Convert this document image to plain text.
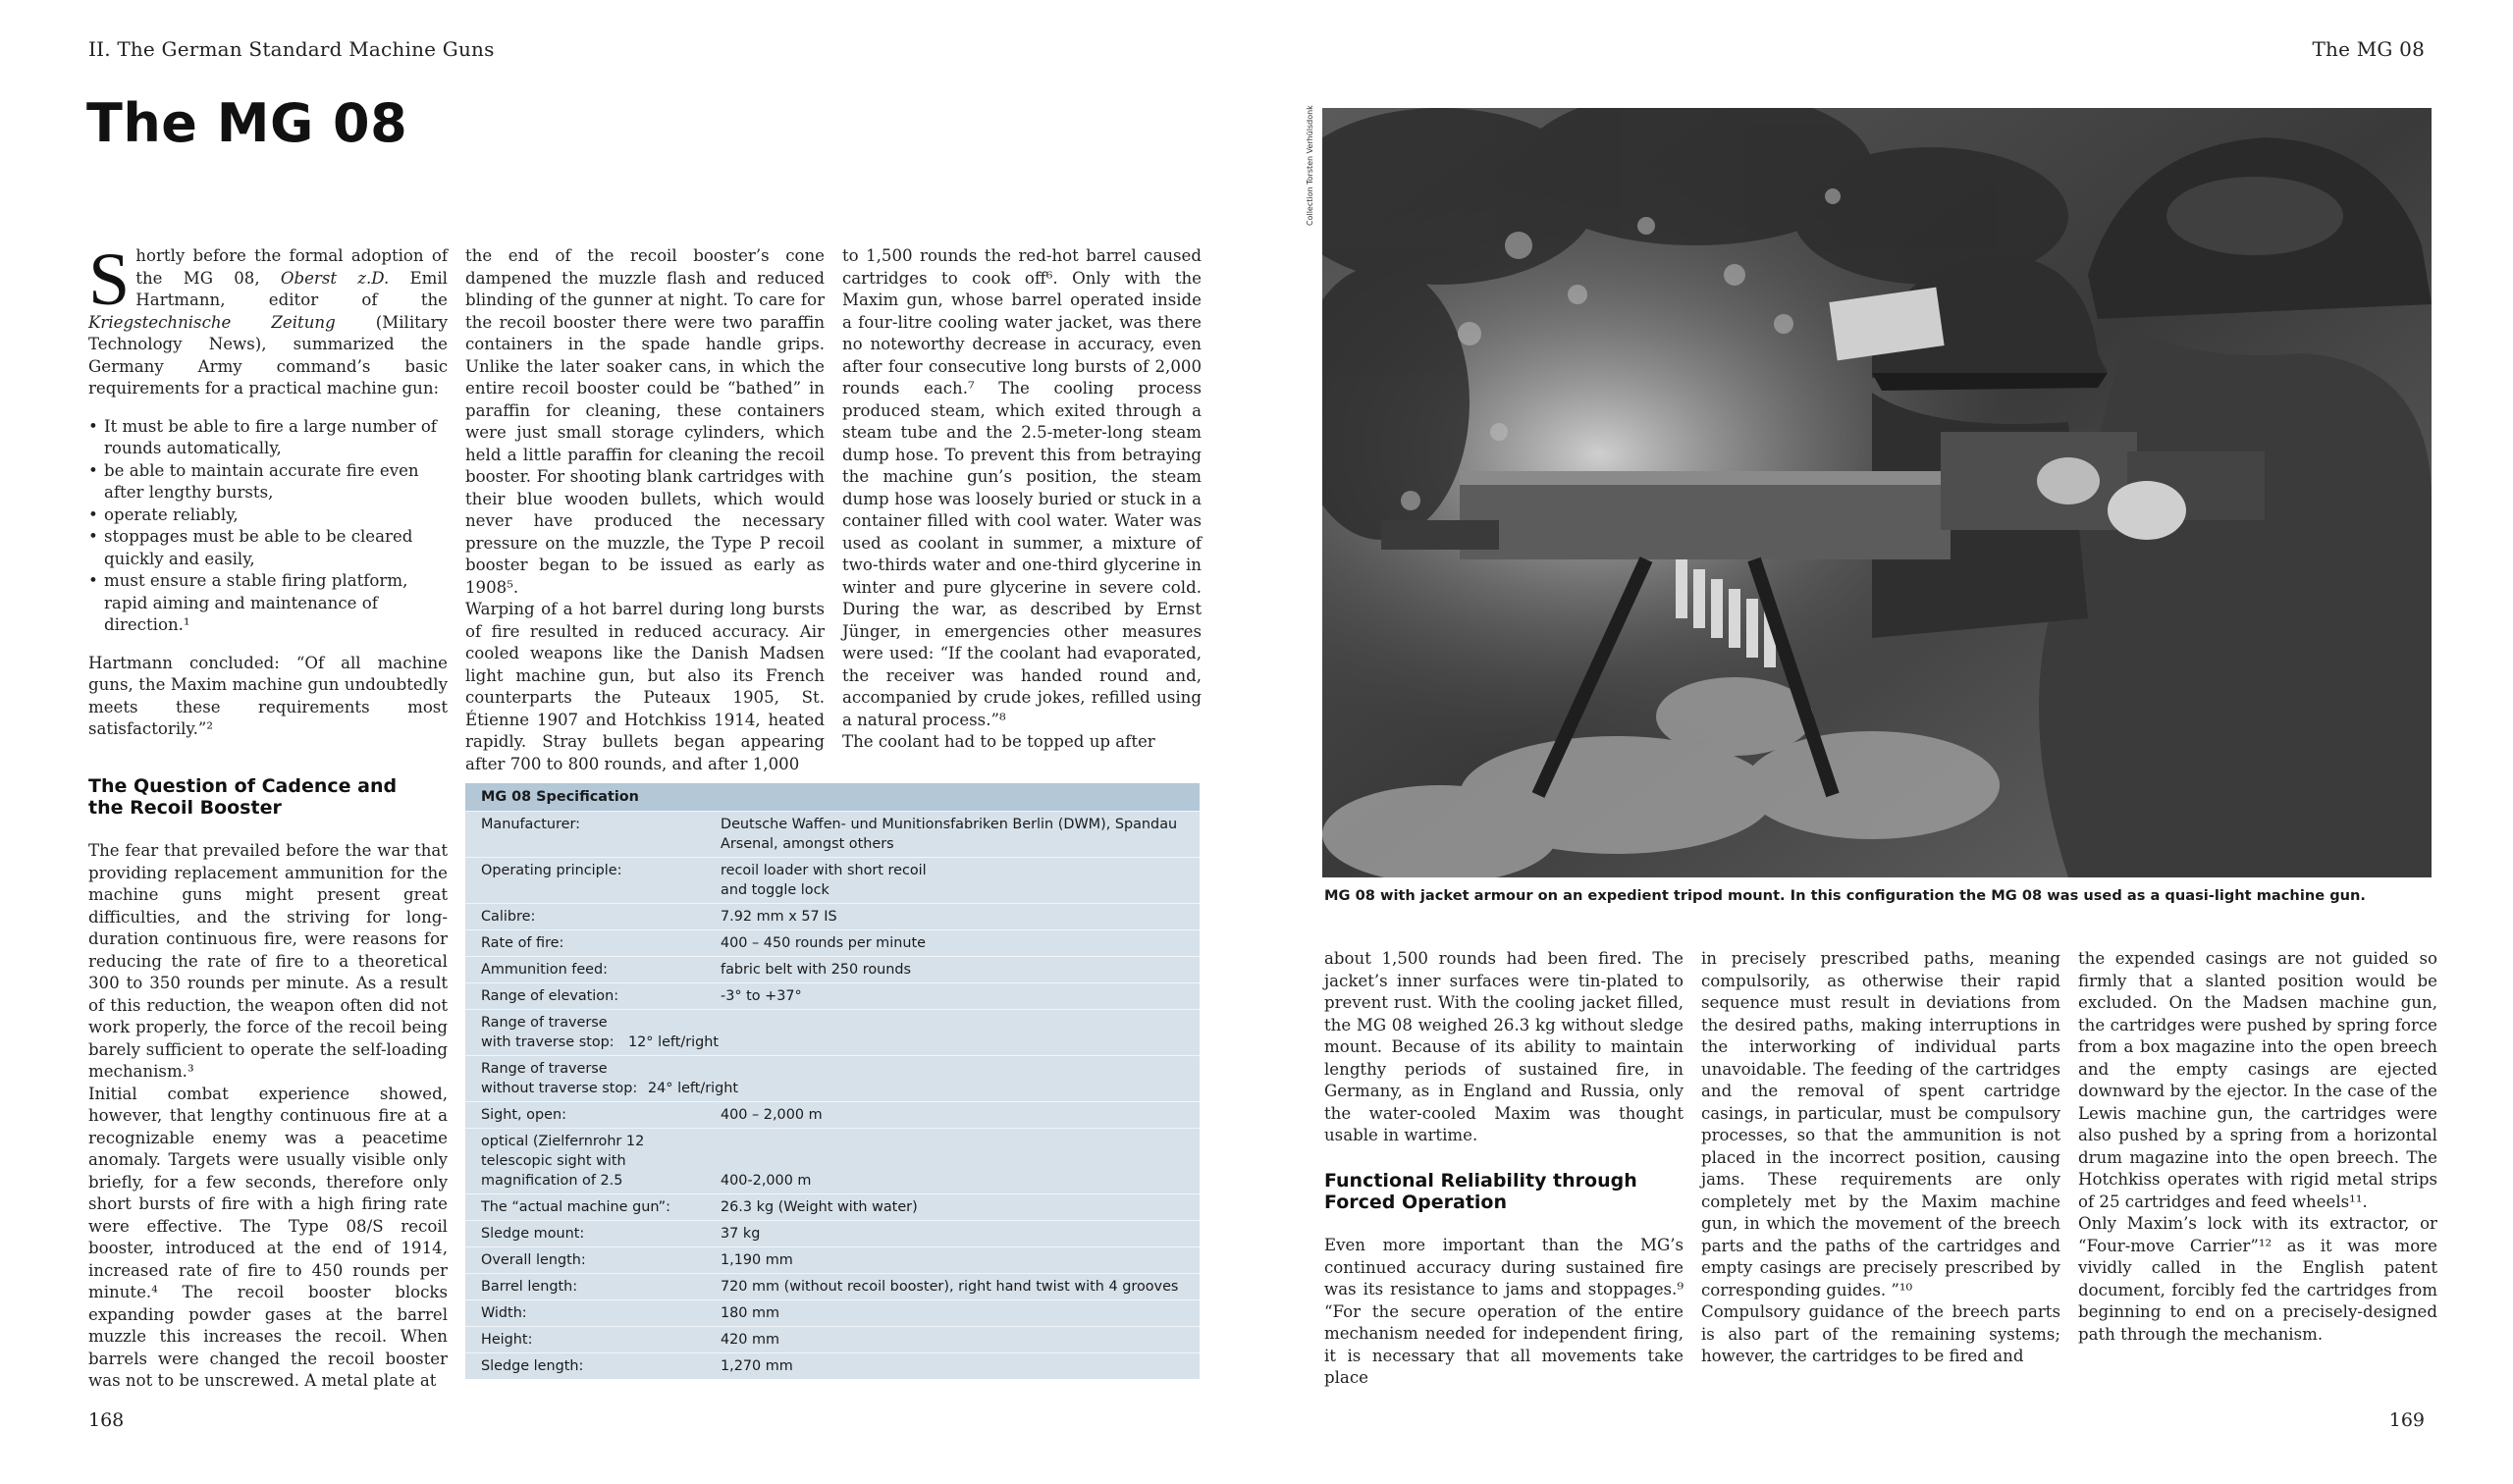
II. The German Standard Machine Guns	The MG 08
The MG 08

Shortly before the formal adoption of the MG 08, Oberst z.D. Emil Hartmann, editor of the Kriegstechnische Zeitung (Military Technology News), summarized the Germany Army command’s basic requirements for a practical machine gun:

• It must be able to fire a large number of rounds automatically,
• be able to maintain accurate fire even after lengthy bursts,
• operate reliably,
• stoppages must be able to be cleared quickly and easily,
• must ensure a stable firing platform, rapid aiming and maintenance of direction.¹

Hartmann concluded: “Of all machine guns, the Maxim machine gun undoubtedly meets these requirements most satisfactorily.”²

The Question of Cadence and the Recoil Booster

The fear that prevailed before the war that providing replacement ammunition for the machine guns might present great difficulties, and the striving for long-duration continuous fire, were reasons for reducing the rate of fire to a theoretical 300 to 350 rounds per minute. As a result of this reduction, the weapon often did not work properly, the force of the recoil being barely sufficient to operate the self-loading mechanism.³

Initial combat experience showed, however, that lengthy continuous fire at a recognizable enemy was a peacetime anomaly. Targets were usually visible only briefly, for a few seconds, therefore only short bursts of fire with a high firing rate were effective. The Type 08/S recoil booster, introduced at the end of 1914, increased rate of fire to 450 rounds per minute.⁴ The recoil booster blocks expanding powder gases at the barrel muzzle this increases the recoil. When barrels were changed the recoil booster was not to be unscrewed. A metal plate at

the end of the recoil booster’s cone dampened the muzzle flash and reduced blinding of the gunner at night. To care for the recoil booster there were two paraffin containers in the spade handle grips. Unlike the later soaker cans, in which the entire recoil booster could be “bathed” in paraffin for cleaning, these containers were just small storage cylinders, which held a little paraffin for cleaning the recoil booster. For shooting blank cartridges with their blue wooden bullets, which would never have produced the necessary pressure on the muzzle, the Type P recoil booster began to be issued as early as 1908⁵.

Warping of a hot barrel during long bursts of fire resulted in reduced accuracy. Air cooled weapons like the Danish Madsen light machine gun, but also its French counterparts the Puteaux 1905, St. Étienne 1907 and Hotchkiss 1914, heated rapidly. Stray bullets began appearing after 700 to 800 rounds, and after 1,000

to 1,500 rounds the red-hot barrel caused cartridges to cook off⁶. Only with the Maxim gun, whose barrel operated inside a four-litre cooling water jacket, was there no noteworthy decrease in accuracy, even after four consecutive long bursts of 2,000 rounds each.⁷ The cooling process produced steam, which exited through a steam tube and the 2.5-meter-long steam dump hose. To prevent this from betraying the machine gun’s position, the steam dump hose was loosely buried or stuck in a container filled with cool water. Water was used as coolant in summer, a mixture of two-thirds water and one-third glycerine in winter and pure glycerine in severe cold. During the war, as described by Ernst Jünger, in emergencies other measures were used: “If the coolant had evaporated, the receiver was handed round and, accompanied by crude jokes, refilled using a natural process.”⁸

The coolant had to be topped up after

MG 08 Specification
Manufacturer:	Deutsche Waffen- und Munitionsfabriken Berlin (DWM), Spandau Arsenal, amongst others
Operating principle:	recoil loader with short recoil and toggle lock
Calibre:	7.92 mm x 57 IS
Rate of fire:	400 – 450 rounds per minute
Ammunition feed:	fabric belt with 250 rounds
Range of elevation:	-3° to +37°
Range of traverse with traverse stop: 12° left/right
Range of traverse without traverse stop: 24° left/right
Sight, open:	400 – 2,000 m
optical (Zielfernrohr 12 telescopic sight with magnification of 2.5	400-2,000 m
The “actual machine gun”:	26.3 kg (Weight with water)
Sledge mount:	37 kg
Overall length:	1,190 mm
Barrel length:	720 mm (without recoil booster), right hand twist with 4 grooves
Width:	180 mm
Height:	420 mm
Sledge length:	1,270 mm
168
Collection Torsten Verhülsdonk
MG 08 with jacket armour on an expedient tripod mount. In this configuration the MG 08 was used as a quasi-light machine gun.

about 1,500 rounds had been fired. The jacket’s inner surfaces were tin-plated to prevent rust. With the cooling jacket filled, the MG 08 weighed 26.3 kg without sledge mount. Because of its ability to maintain lengthy periods of sustained fire, in Germany, as in England and Russia, only the water-cooled Maxim was thought usable in wartime.

Functional Reliability through Forced Operation

Even more important than the MG’s continued accuracy during sustained fire was its resistance to jams and stoppages.⁹ “For the secure operation of the entire mechanism needed for independent firing, it is necessary that all movements take place

in precisely prescribed paths, meaning compulsorily, as otherwise their rapid sequence must result in deviations from the desired paths, making interruptions in the interworking of individual parts unavoidable. The feeding of the cartridges and the removal of spent cartridge casings, in particular, must be compulsory processes, so that the ammunition is not placed in the incorrect position, causing jams. These requirements are only completely met by the Maxim machine gun, in which the movement of the breech parts and the paths of the cartridges and empty casings are precisely prescribed by corresponding guides. ”¹⁰

Compulsory guidance of the breech parts is also part of the remaining systems; however, the cartridges to be fired and

the expended casings are not guided so firmly that a slanted position would be excluded. On the Madsen machine gun, the cartridges were pushed by spring force from a box magazine into the open breech and the empty casings are ejected downward by the ejector. In the case of the Lewis machine gun, the cartridges were also pushed by a spring from a horizontal drum magazine into the open breech. The Hotchkiss operates with rigid metal strips of 25 cartridges and feed wheels¹¹.

Only Maxim’s lock with its extractor, or “Four-move Carrier”¹² as it was more vividly called in the English patent document, forcibly fed the cartridges from beginning to end on a precisely-designed path through the mechanism.

169
